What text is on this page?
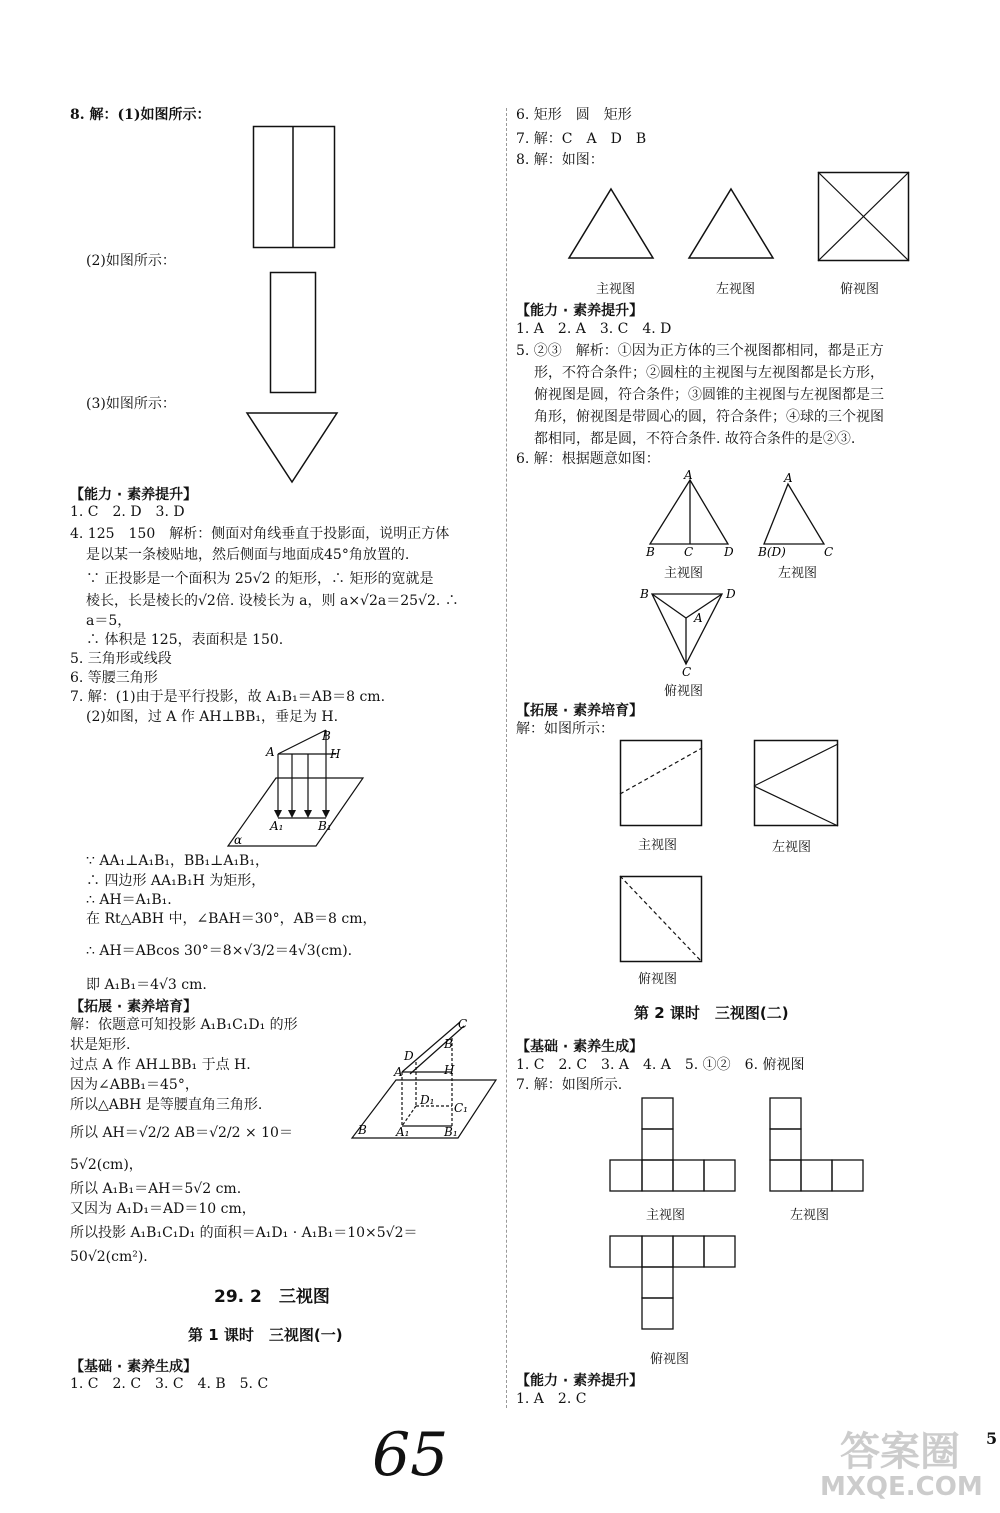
8. 解：(1)如图所示：
(2)如图所示：
(3)如图所示：
【能力 · 素养提升】
1. C　2. D　3. D
4. 125　150　解析：侧面对角线垂直于投影面，说明正方体
是以某一条棱贴地，然后侧面与地面成45°角放置的.
∵ 正投影是一个面积为 25√2 的矩形，∴ 矩形的宽就是
棱长，长是棱长的√2倍. 设棱长为 a，则 a×√2a＝25√2. ∴
a＝5，
∴ 体积是 125，表面积是 150.
5. 三角形或线段
6. 等腰三角形
7. 解：(1)由于是平行投影，故 A₁B₁＝AB＝8 cm.
(2)如图，过 A 作 AH⊥BB₁，垂足为 H.
B
A	H
A₁	B₁
α
∵ AA₁⊥A₁B₁，BB₁⊥A₁B₁，
∴ 四边形 AA₁B₁H 为矩形，
∴ AH＝A₁B₁.
在 Rt△ABH 中，∠BAH＝30°，AB＝8 cm，
∴ AH＝ABcos 30°＝8×√3/2＝4√3(cm).
即 A₁B₁＝4√3 cm.
【拓展 · 素养培育】
解：依题意可知投影 A₁B₁C₁D₁ 的形
状是矩形.
过点 A 作 AH⊥BB₁ 于点 H.
因为∠ABB₁＝45°，
所以△ABH 是等腰直角三角形.
所以 AH＝√2/2 AB＝√2/2 × 10＝
C
D
B
A	H
D₁
C₁
A₁	B₁
B
5√2(cm)，
所以 A₁B₁＝AH＝5√2 cm.
又因为 A₁D₁＝AD＝10 cm，
所以投影 A₁B₁C₁D₁ 的面积＝A₁D₁ · A₁B₁＝10×5√2＝
50√2(cm²).
29. 2　三视图
第 1 课时　三视图(一)
【基础 · 素养生成】
1. C　2. C　3. C　4. B　5. C
6. 矩形　圆　矩形
7. 解：C　A　D　B
8. 解：如图：
主视图	左视图	俯视图
【能力 · 素养提升】
1. A　2. A　3. C　4. D
5. ②③　解析：①因为正方体的三个视图都相同，都是正方
形，不符合条件；②圆柱的主视图与左视图都是长方形，
俯视图是圆，符合条件；③圆锥的主视图与左视图都是三
角形，俯视图是带圆心的圆，符合条件；④球的三个视图
都相同，都是圆，不符合条件. 故符合条件的是②③.
6. 解：根据题意如图：
A
B C	D
A
B(D)	C
主视图	左视图
B	D
A
C
俯视图
【拓展 · 素养培育】
解：如图所示：
主视图	左视图
俯视图
第 2 课时　三视图(二)
【基础 · 素养生成】
1. C　2. C　3. A　4. A　5. ①②　6. 俯视图
7. 解：如图所示.
主视图	左视图
俯视图
【能力 · 素养提升】
1. A　2. C
65	答案圈
MXQE.COM
5
